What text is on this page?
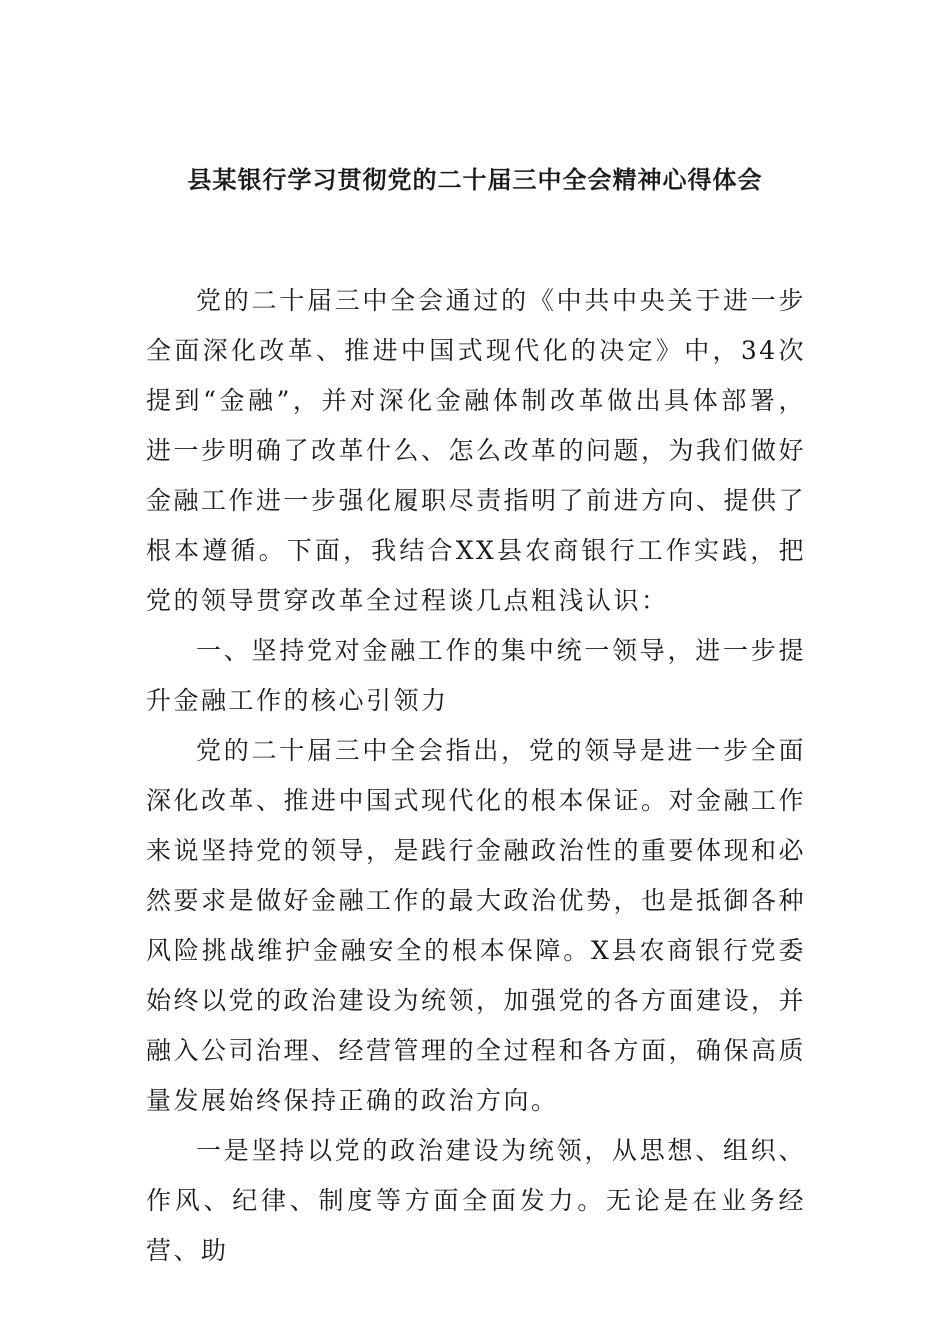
县某银行学习贯彻党的二十届三中全会精神心得体会

党的二十届三中全会通过的《中共中央关于进一步全面深化改革、推进中国式现代化的决定》中，34次提到“金融”，并对深化金融体制改革做出具体部署，进一步明确了改革什么、怎么改革的问题，为我们做好金融工作进一步强化履职尽责指明了前进方向、提供了根本遵循。下面，我结合XX县农商银行工作实践，把党的领导贯穿改革全过程谈几点粗浅认识：

一、坚持党对金融工作的集中统一领导，进一步提升金融工作的核心引领力

党的二十届三中全会指出，党的领导是进一步全面深化改革、推进中国式现代化的根本保证。对金融工作来说坚持党的领导，是践行金融政治性的重要体现和必然要求是做好金融工作的最大政治优势，也是抵御各种风险挑战维护金融安全的根本保障。X县农商银行党委始终以党的政治建设为统领，加强党的各方面建设，并融入公司治理、经营管理的全过程和各方面，确保高质量发展始终保持正确的政治方向。

一是坚持以党的政治建设为统领，从思想、组织、作风、纪律、制度等方面全面发力。无论是在业务经营、助
